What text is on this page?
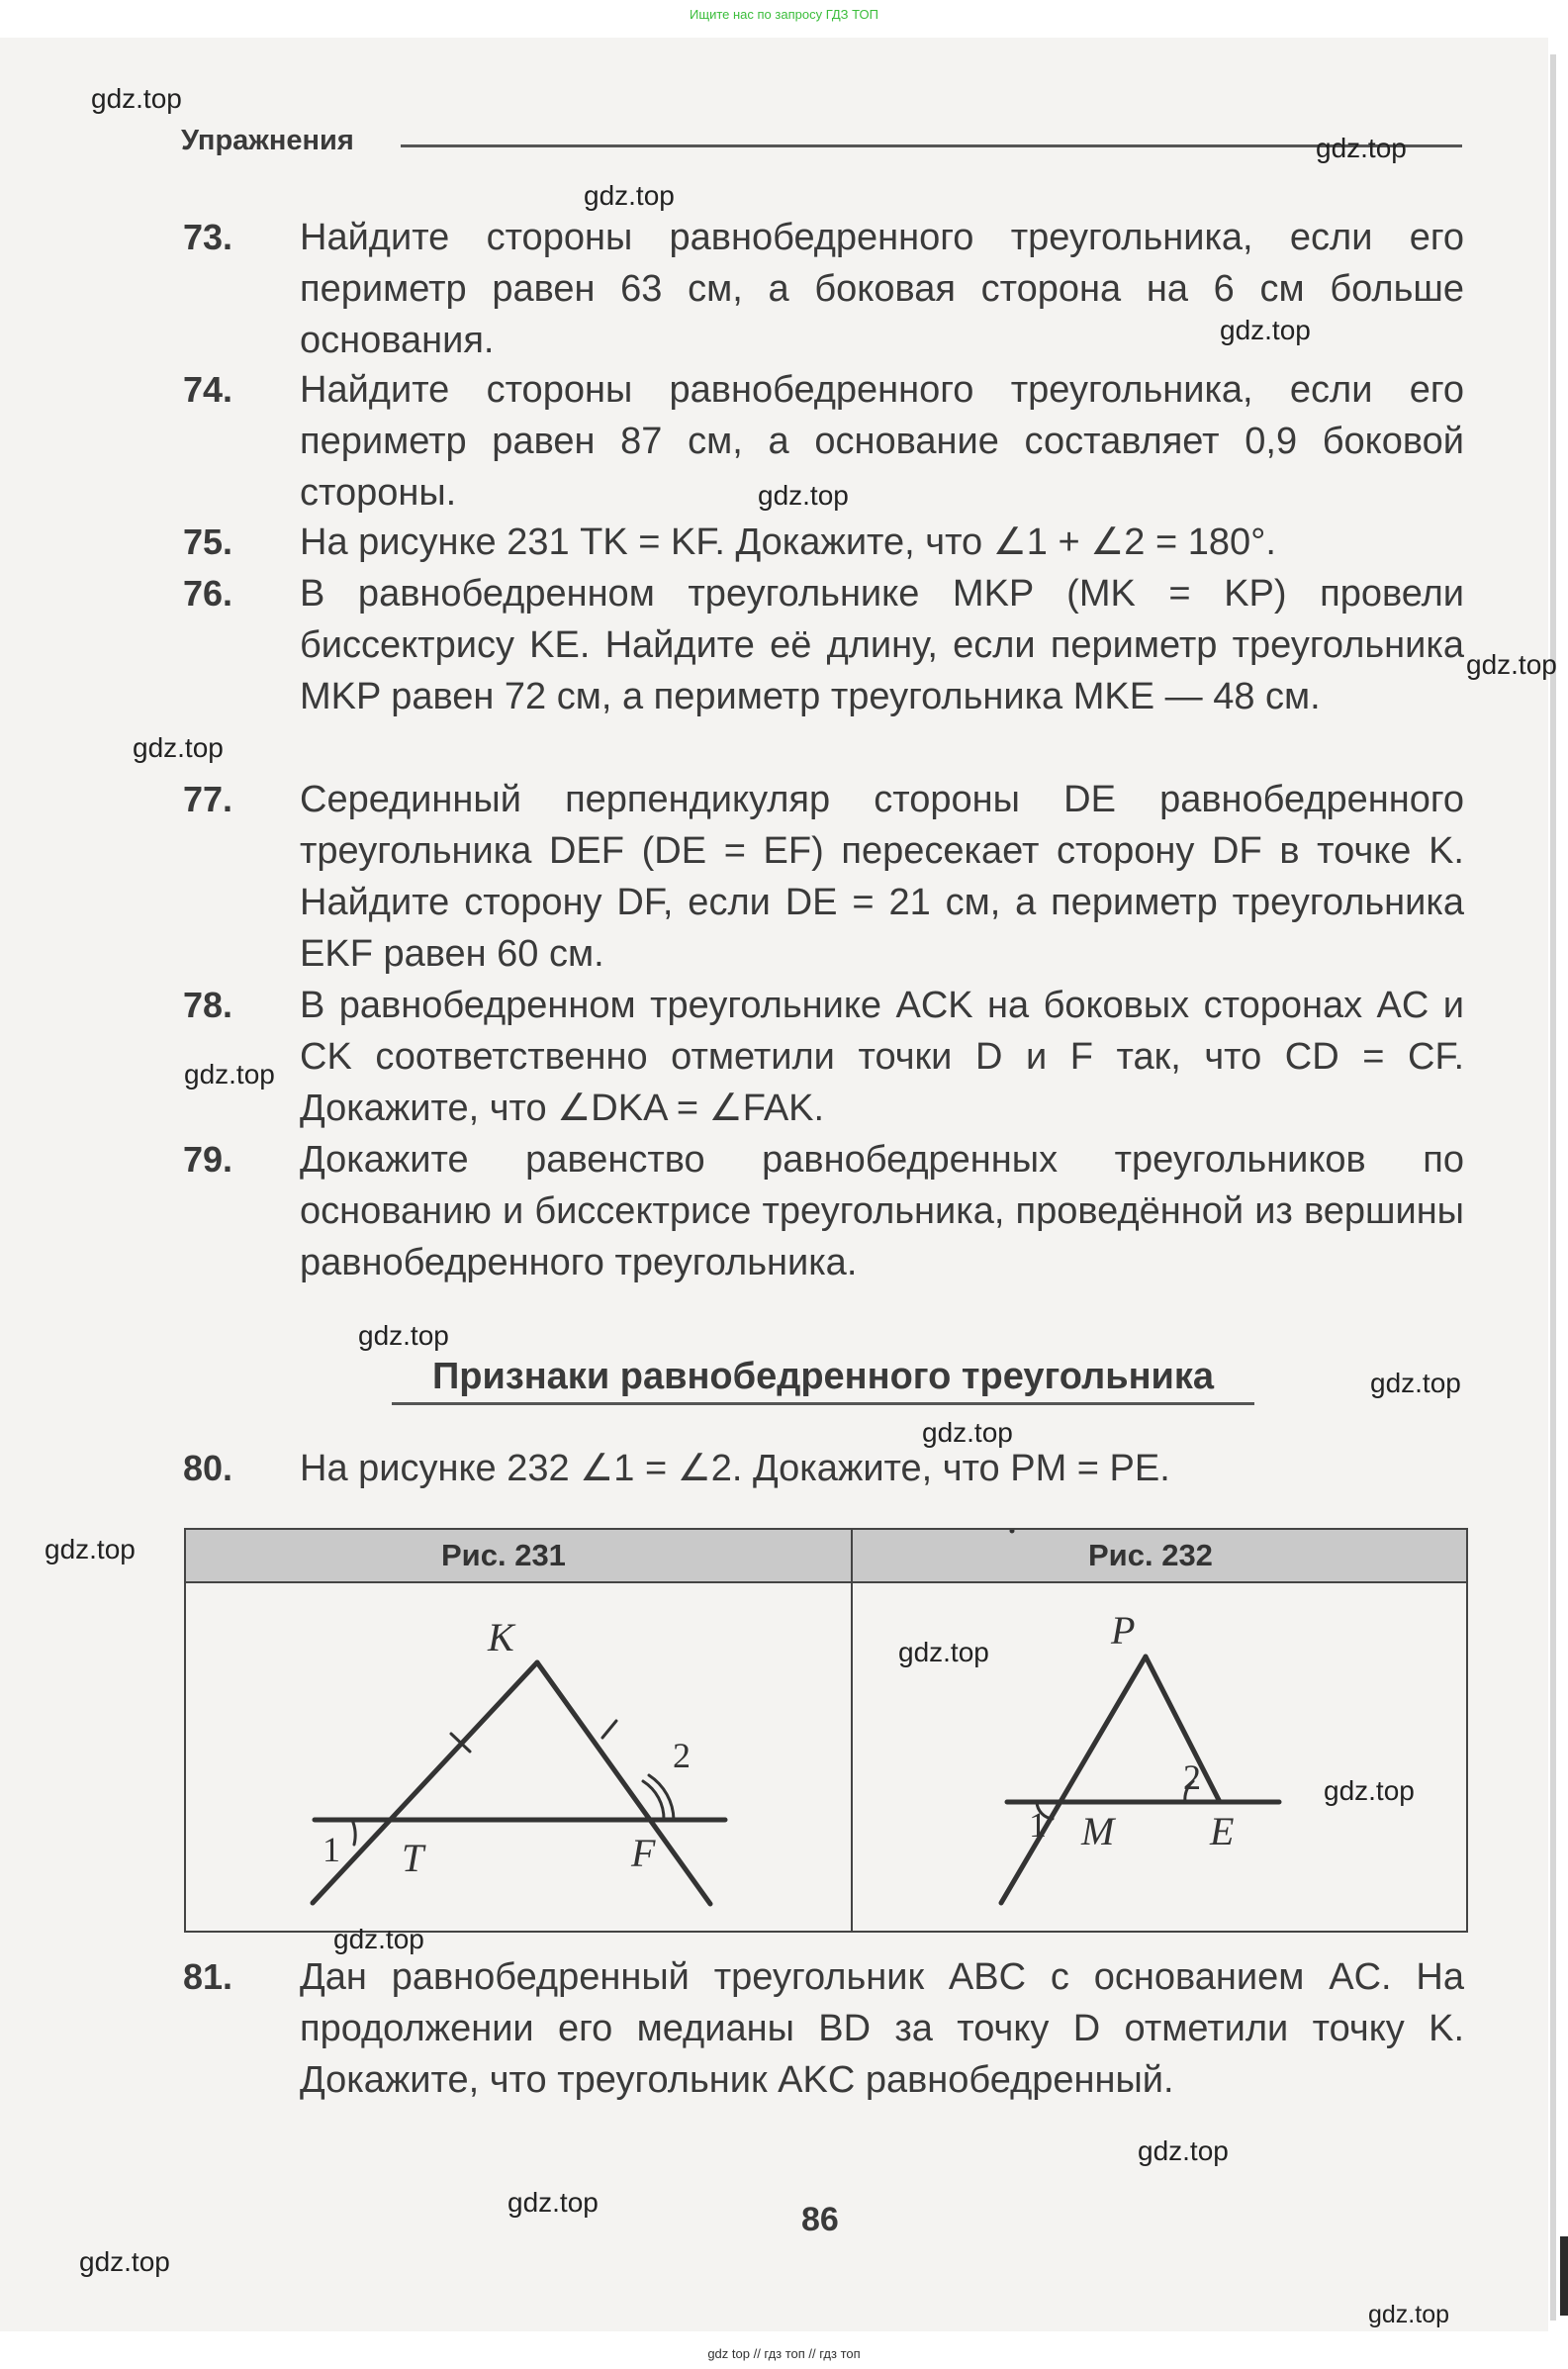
Ищите нас по запросу ГДЗ ТОП
Упражнения
73. Найдите стороны равнобедренного треугольника, если его периметр равен 63 см, а боковая сторона на 6 см больше основания.
74. Найдите стороны равнобедренного треугольника, если его периметр равен 87 см, а основание составляет 0,9 боковой стороны.
75. На рисунке 231 TK = KF. Докажите, что ∠1 + ∠2 = 180°.
76. В равнобедренном треугольнике MKP (MK = KP) провели биссектрису KE. Найдите её длину, если периметр треугольника MKP равен 72 см, а периметр треугольника MKE — 48 см.
77. Серединный перпендикуляр стороны DE равнобедренного треугольника DEF (DE = EF) пересекает сторону DF в точке K. Найдите сторону DF, если DE = 21 см, а периметр треугольника EKF равен 60 см.
78. В равнобедренном треугольнике ACK на боковых сторонах AC и CK соответственно отметили точки D и F так, что CD = CF. Докажите, что ∠DKA = ∠FAK.
79. Докажите равенство равнобедренных треугольников по основанию и биссектрисе треугольника, проведённой из вершины равнобедренного треугольника.
Признаки равнобедренного треугольника
80. На рисунке 232 ∠1 = ∠2. Докажите, что PM = PE.
Рис. 231	Рис. 232
K
T	F
1
2
P
M E
1
2
81. Дан равнобедренный треугольник ABC с основанием AC. На продолжении его медианы BD за точку D отметили точку K. Докажите, что треугольник AKC равнобедренный.
86
gdz.top
gdz.top
gdz.top
gdz.top
gdz.top
gdz.top
gdz.top
gdz.top
gdz.top
gdz.top
gdz.top
gdz.top
gdz.top
gdz.top
gdz.top
gdz.top
gdz.top
gdz.top
gdz.top
gdz top // гдз топ // гдз топ
